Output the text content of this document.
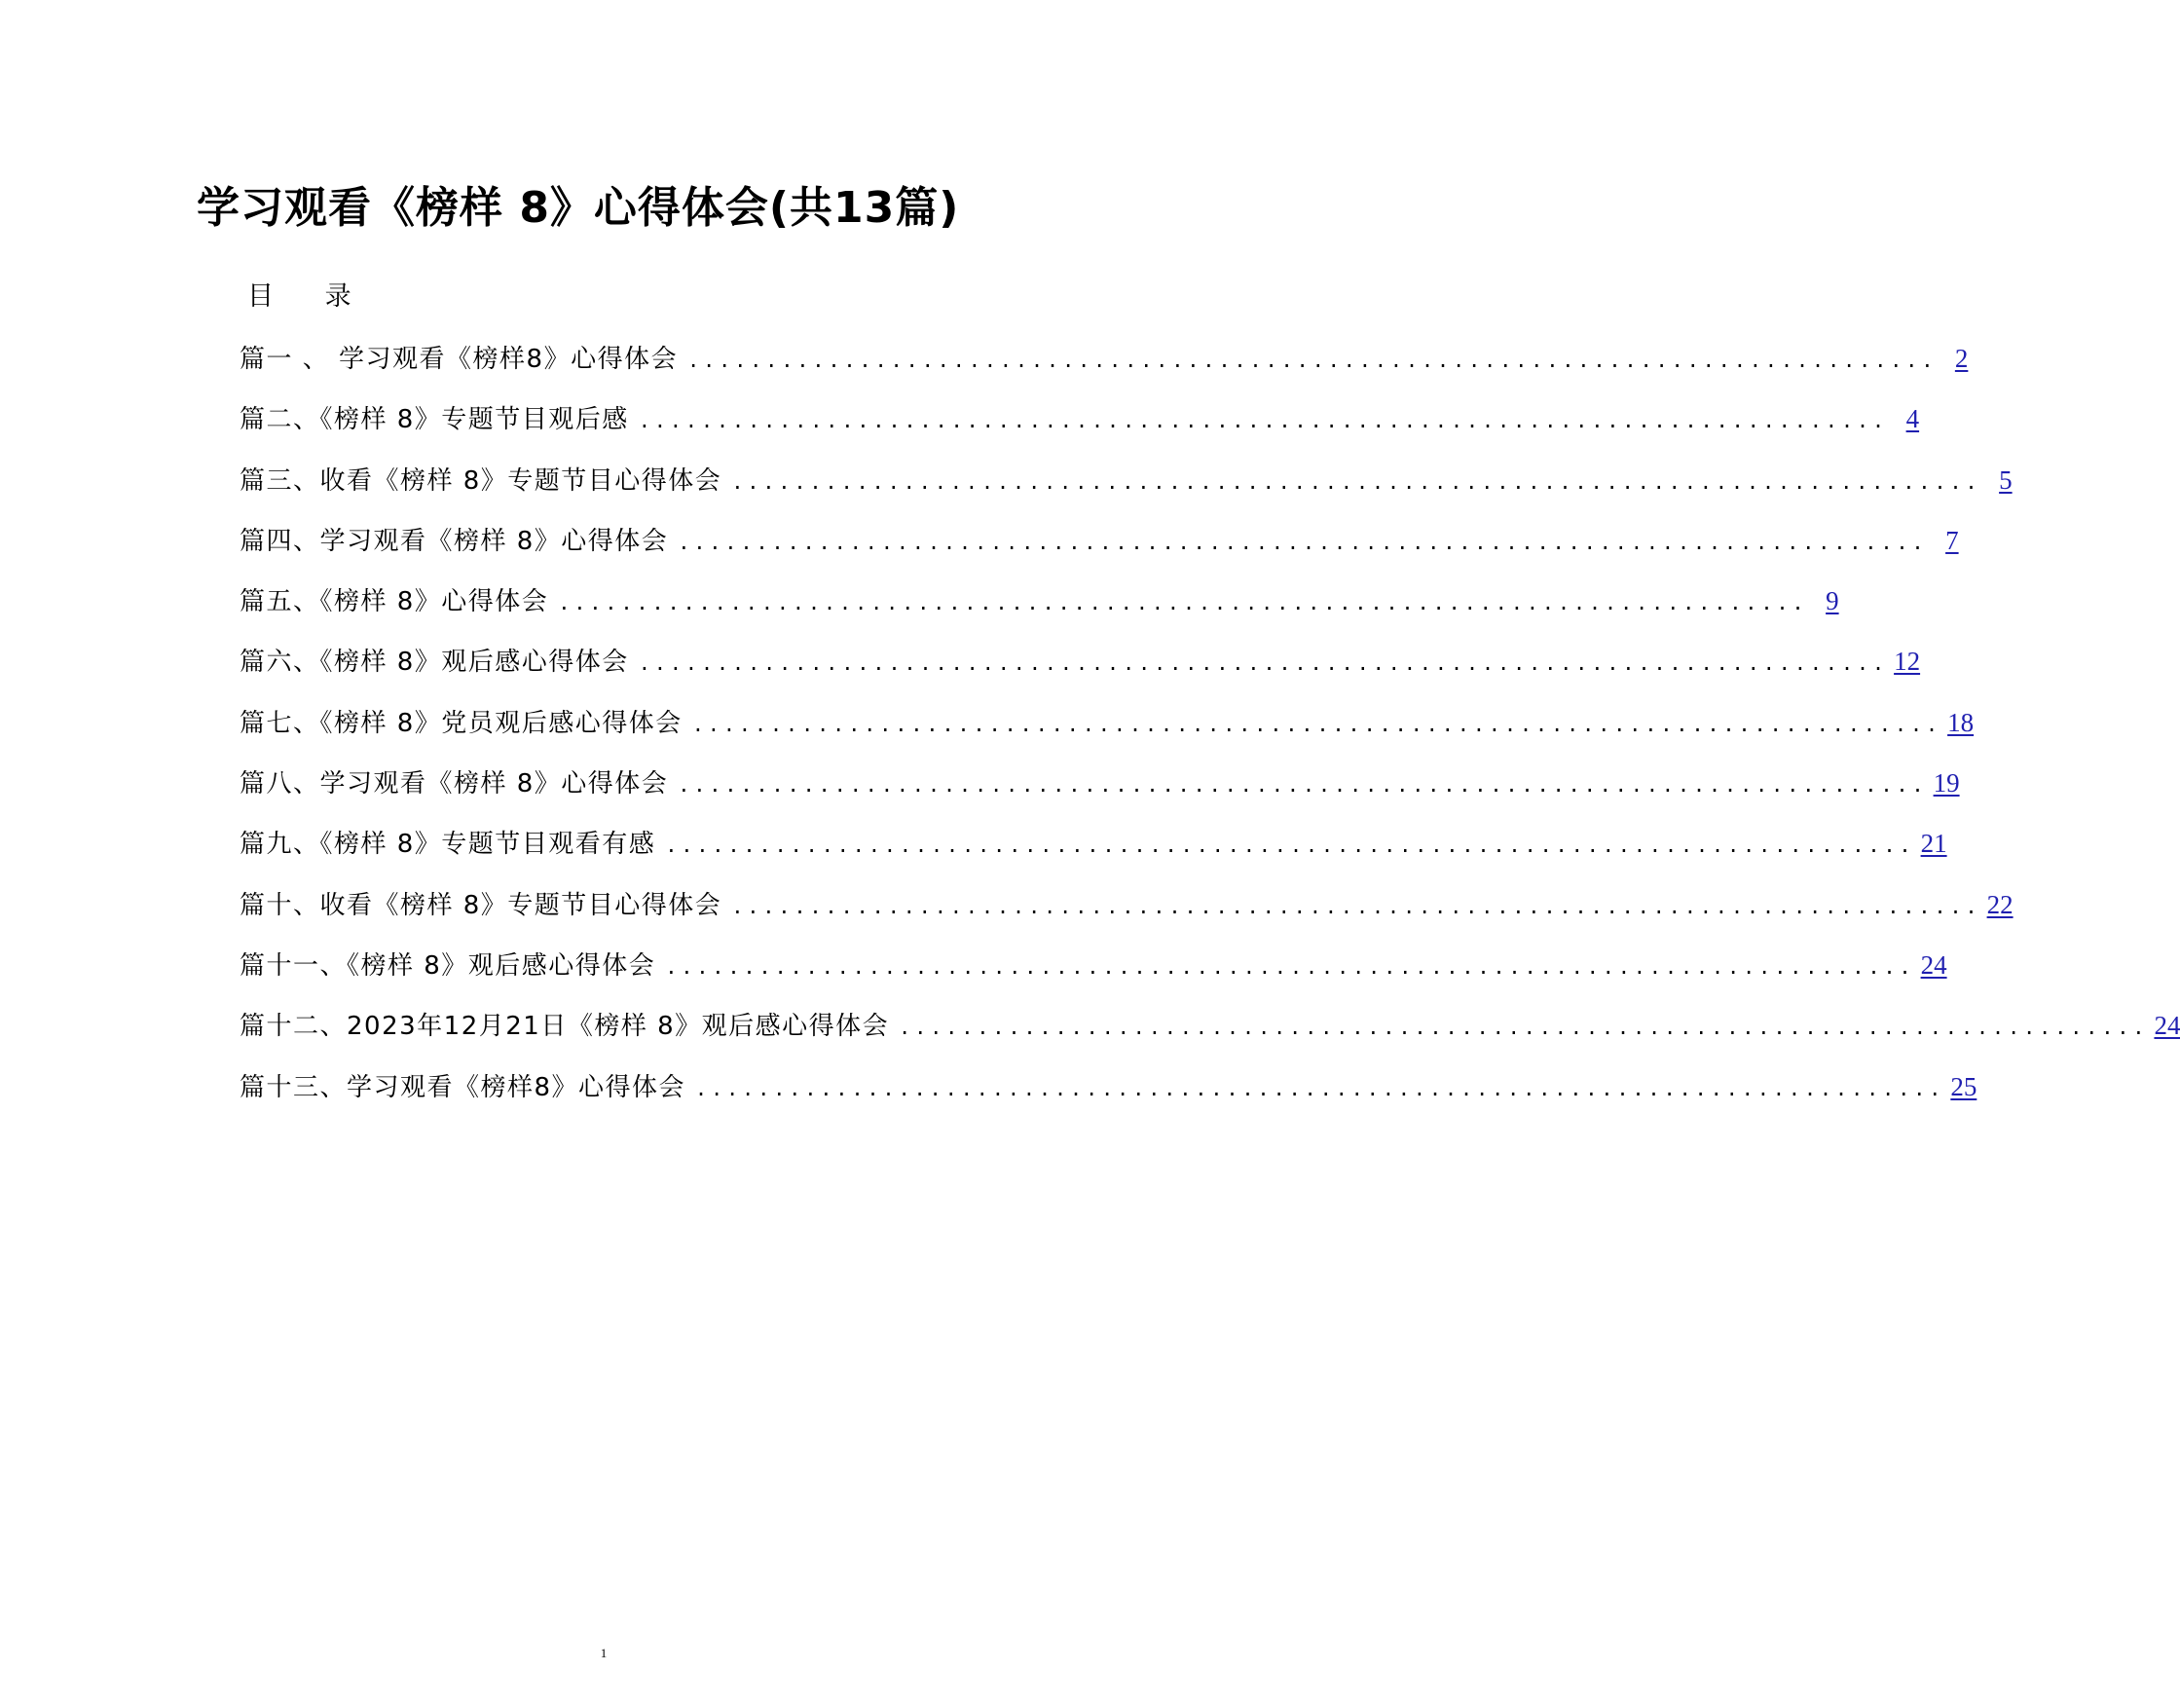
学习观看《榜样 8》心得体会(共13篇)
目 录
篇一 、 学习观看《榜样8》心得体会 ................................................................................ 2
篇二、《榜样 8》专题节目观后感 ................................................................................ 4
篇三、收看《榜样 8》专题节目心得体会 ................................................................................ 5
篇四、学习观看《榜样 8》心得体会 ................................................................................ 7
篇五、《榜样 8》心得体会 ................................................................................ 9
篇六、《榜样 8》观后感心得体会 ................................................................................ 12
篇七、《榜样 8》党员观后感心得体会 ................................................................................ 18
篇八、学习观看《榜样 8》心得体会 ................................................................................ 19
篇九、《榜样 8》专题节目观看有感 ................................................................................ 21
篇十、收看《榜样 8》专题节目心得体会 ................................................................................ 22
篇十一、《榜样 8》观后感心得体会 ................................................................................ 24
篇十二、2023年12月21日《榜样 8》观后感心得体会 ................................................................................ 24
篇十三、学习观看《榜样8》心得体会 ................................................................................ 25
1
